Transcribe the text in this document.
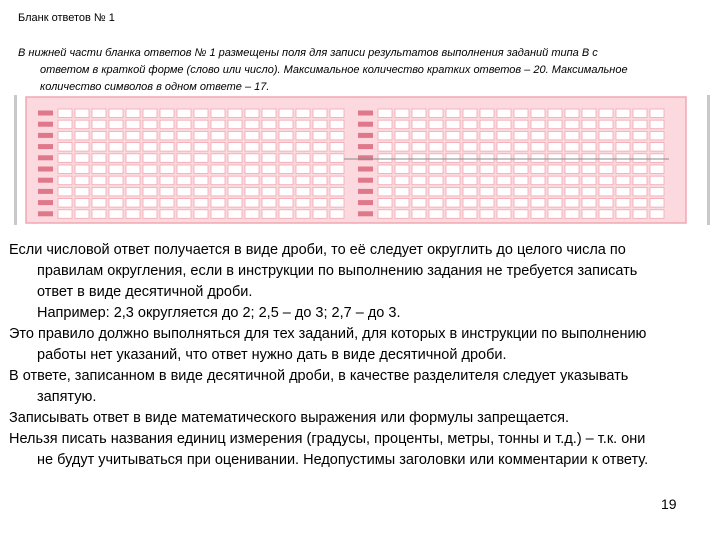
Бланк ответов № 1
В нижней части бланка ответов № 1 размещены поля для записи результатов выполнения заданий типа В с
ответом в краткой форме (слово или число). Максимальное количество кратких ответов – 20. Максимальное
количество символов в одном ответе – 17.

Если числовой ответ получается в виде дроби, то её следует округлить до целого числа по
правилам округления, если в инструкции по выполнению задания не требуется записать
ответ в виде десятичной дроби.

Например: 2,3 округляется до 2; 2,5 – до 3; 2,7 – до 3.

Это правило должно выполняться для тех заданий, для которых в инструкции по выполнению
работы нет указаний, что ответ нужно дать в виде десятичной дроби.

В ответе, записанном в виде десятичной дроби, в качестве разделителя следует указывать
запятую.

Записывать ответ в виде математического выражения или формулы запрещается.

Нельзя писать названия единиц измерения (градусы, проценты, метры, тонны и т.д.) – т.к. они
не будут учитываться при оценивании. Недопустимы заголовки или комментарии к ответу.

19
